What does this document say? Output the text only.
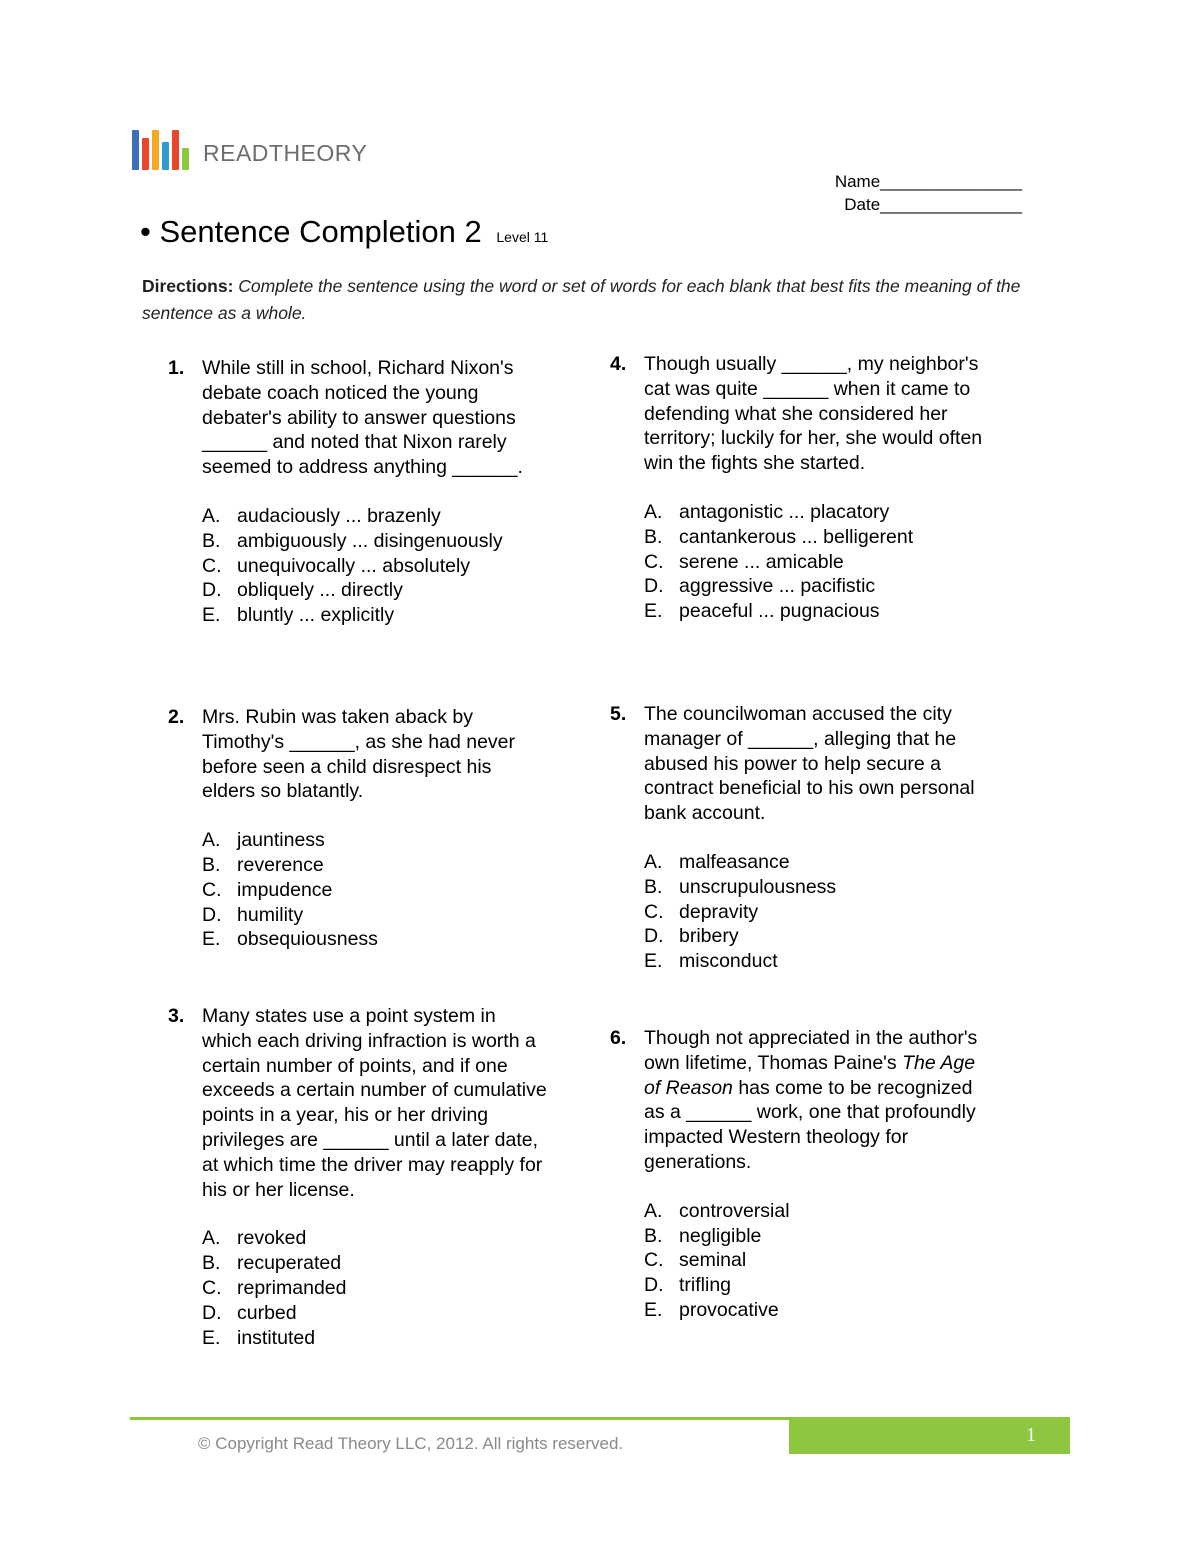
READTHEORY
Name_______________
Date_______________
• Sentence Completion 2 Level 11
Directions: Complete the sentence using the word or set of words for each blank that best fits the meaning of the sentence as a whole.
1. While still in school, Richard Nixon's debate coach noticed the young debater's ability to answer questions ______ and noted that Nixon rarely seemed to address anything ______.

A. audaciously ... brazenly
B. ambiguously ... disingenuously
C. unequivocally ... absolutely
D. obliquely ... directly
E. bluntly ... explicitly
2. Mrs. Rubin was taken aback by Timothy's ______, as she had never before seen a child disrespect his elders so blatantly.

A. jauntiness
B. reverence
C. impudence
D. humility
E. obsequiousness
3. Many states use a point system in which each driving infraction is worth a certain number of points, and if one exceeds a certain number of cumulative points in a year, his or her driving privileges are ______ until a later date, at which time the driver may reapply for his or her license.

A. revoked
B. recuperated
C. reprimanded
D. curbed
E. instituted
4. Though usually ______, my neighbor's cat was quite ______ when it came to defending what she considered her territory; luckily for her, she would often win the fights she started.

A. antagonistic ... placatory
B. cantankerous ... belligerent
C. serene ... amicable
D. aggressive ... pacifistic
E. peaceful ... pugnacious
5. The councilwoman accused the city manager of ______, alleging that he abused his power to help secure a contract beneficial to his own personal bank account.

A. malfeasance
B. unscrupulousness
C. depravity
D. bribery
E. misconduct
6. Though not appreciated in the author's own lifetime, Thomas Paine's The Age of Reason has come to be recognized as a ______ work, one that profoundly impacted Western theology for generations.

A. controversial
B. negligible
C. seminal
D. trifling
E. provocative
© Copyright Read Theory LLC, 2012. All rights reserved.	1
